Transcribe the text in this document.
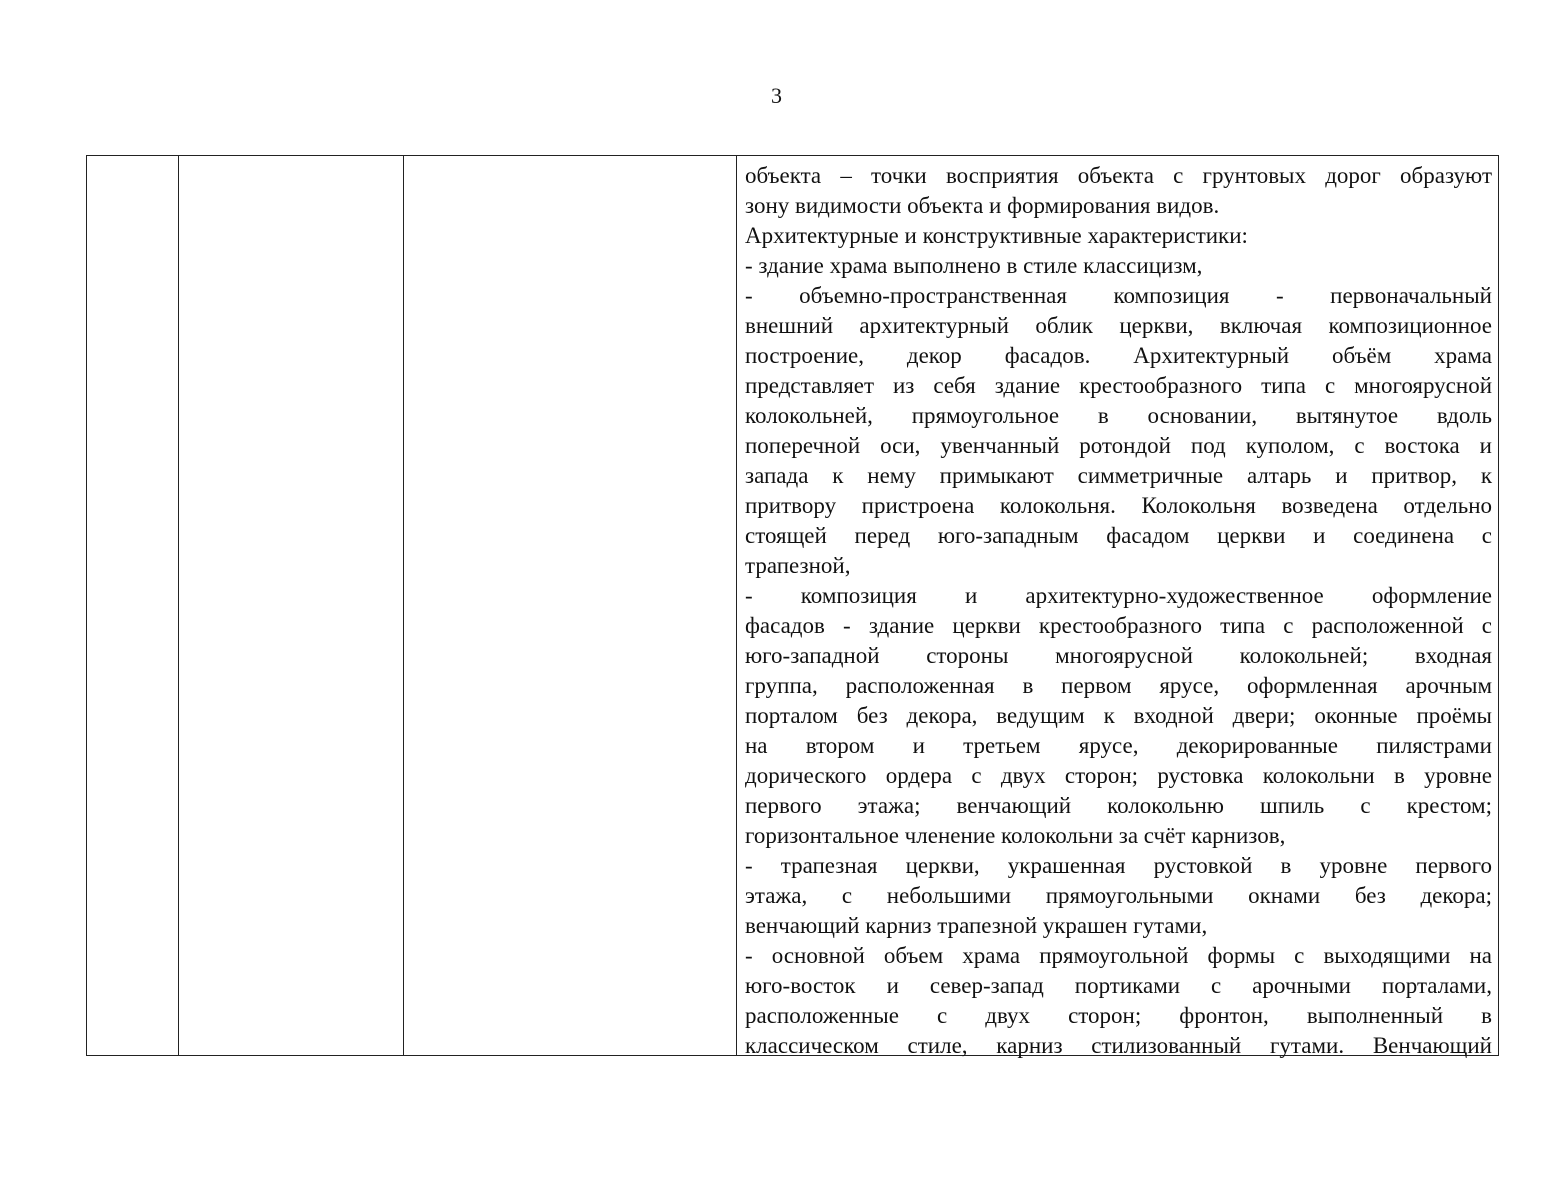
3
объекта – точки восприятия объекта с грунтовых дорог образуют
зону видимости объекта и формирования видов.
Архитектурные и конструктивные характеристики:
- здание храма выполнено в стиле классицизм,
- объемно-пространственная композиция - первоначальный
внешний архитектурный облик церкви, включая композиционное
построение, декор фасадов. Архитектурный объём храма
представляет из себя здание крестообразного типа с многоярусной
колокольней, прямоугольное в основании, вытянутое вдоль
поперечной оси, увенчанный ротондой под куполом, с востока и
запада к нему примыкают симметричные алтарь и притвор, к
притвору пристроена колокольня. Колокольня возведена отдельно
стоящей перед юго-западным фасадом церкви и соединена с
трапезной,
- композиция и архитектурно-художественное оформление
фасадов - здание церкви крестообразного типа с расположенной с
юго-западной стороны многоярусной колокольней; входная
группа, расположенная в первом ярусе, оформленная арочным
порталом без декора, ведущим к входной двери; оконные проёмы
на втором и третьем ярусе, декорированные пилястрами
дорического ордера с двух сторон; рустовка колокольни в уровне
первого этажа; венчающий колокольню шпиль с крестом;
горизонтальное членение колокольни за счёт карнизов,
- трапезная церкви, украшенная рустовкой в уровне первого
этажа, с небольшими прямоугольными окнами без декора;
венчающий карниз трапезной украшен гутами,
- основной объем храма прямоугольной формы с выходящими на
юго-восток и север-запад портиками с арочными порталами,
расположенные с двух сторон; фронтон, выполненный в
классическом стиле, карниз стилизованный гутами. Венчающий
